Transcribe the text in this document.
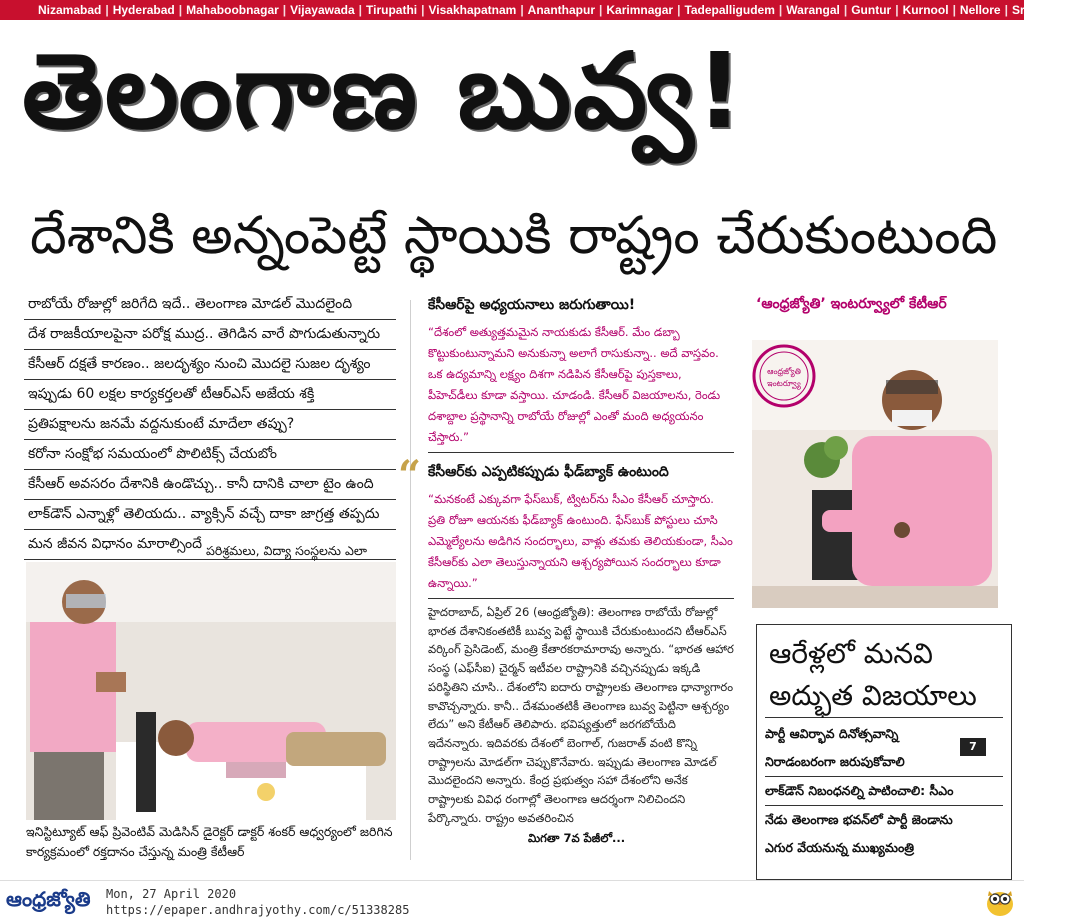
Nizamabad | Hyderabad | Mahaboobnagar | Vijayawada | Tirupathi | Visakhapatnam | Ananthapur | Karimnagar | Tadepalligudem | Warangal | Guntur | Kurnool | Nellore | Srikakulam
తెలంగాణ బువ్వ!
దేశానికి అన్నంపెట్టే స్థాయికి రాష్ట్రం చేరుకుంటుంది
రాబోయే రోజుల్లో జరిగేది ఇదే.. తెలంగాణ మోడల్ మొదలైంది
దేశ రాజకీయాలపైనా పరోక్ష ముద్ర.. తెగిడిన వారే పొగుడుతున్నారు
కేసీఆర్ దక్షతే కారణం.. జలదృశ్యం నుంచి మొదలై సుజల దృశ్యం
ఇప్పుడు 60 లక్షల కార్యకర్తలతో టీఆర్ఎస్ అజేయ శక్తి
ప్రతిపక్షాలను జనమే వద్దనుకుంటే మాదేలా తప్పు?
కరోనా సంక్షోభ సమయంలో పొలిటిక్స్ చేయబోం
కేసీఆర్ అవసరం దేశానికి ఉండొచ్చు.. కానీ దానికి చాలా టైం ఉంది
లాక్‌డౌన్ ఎన్నాళ్లో తెలియదు.. వ్యాక్సిన్ వచ్చే దాకా జాగ్రత్త తప్పదు
మన జీవన విధానం మారాల్సిందే పరిశ్రమలు, విద్యా సంస్థలను ఎలా
ఇనిస్టిట్యూట్ ఆఫ్ ప్రివెంటివ్ మెడిసిన్ డైరెక్టర్ డాక్టర్ శంకర్ ఆధ్వర్యంలో జరిగిన కార్యక్రమంలో రక్తదానం చేస్తున్న మంత్రి కేటీఆర్
“
కేసీఆర్‌పై అధ్యయనాలు జరుగుతాయి!
“దేశంలో అత్యుత్తమమైన నాయకుడు కేసీఆర్. మేం డబ్బా కొట్టుకుంటున్నామని అనుకున్నా అలాగే రాసుకున్నా.. అదే వాస్తవం. ఒక ఉద్యమాన్ని లక్ష్యం దిశగా నడిపిన కేసీఆర్‌పై పుస్తకాలు, పీహెచ్‌డీలు కూడా వస్తాయి. చూడండి. కేసీఆర్ విజయాలను, రెండు దశాబ్దాల ప్రస్థానాన్ని రాబోయే రోజుల్లో ఎంతో మంది అధ్యయనం చేస్తారు.”
కేసీఆర్‌కు ఎప్పటికప్పుడు ఫీడ్‌బ్యాక్ ఉంటుంది
“మనకంటే ఎక్కువగా ఫేస్‌బుక్, ట్విటర్‌ను సీఎం కేసీఆర్ చూస్తారు. ప్రతి రోజూ ఆయనకు ఫీడ్‌బ్యాక్ ఉంటుంది. ఫేస్‌బుక్ పోస్టులు చూసి ఎమ్మెల్యేలను అడిగిన సందర్భాలు, వాళ్లు తమకు తెలియకుండా, సీఎం కేసీఆర్‌కు ఎలా తెలుస్తున్నాయని ఆశ్చర్యపోయిన సందర్భాలు కూడా ఉన్నాయి.”
హైదరాబాద్, ఏప్రిల్ 26 (ఆంధ్రజ్యోతి): తెలంగాణ రాబోయే రోజుల్లో భారత దేశానికంతటికీ బువ్వ పెట్టే స్థాయికి చేరుకుంటుందని టీఆర్ఎస్ వర్కింగ్ ప్రెసిడెంట్, మంత్రి కేతారకరామారావు అన్నారు. “భారత ఆహార సంస్థ (ఎఫ్‌సీఐ) చైర్మన్ ఇటీవల రాష్ట్రానికి వచ్చినప్పుడు ఇక్కడి పరిస్థితిని చూసి.. దేశంలోని ఐదారు రాష్ట్రాలకు తెలంగాణ ధాన్యాగారం కావొచ్చన్నారు. కానీ.. దేశమంతటికీ తెలంగాణ బువ్వ పెట్టినా ఆశ్చర్యం లేదు” అని కేటీఆర్ తెలిపారు. భవిష్యత్తులో జరగబోయేది ఇదేనన్నారు. ఇదివరకు దేశంలో బెంగాల్, గుజరాత్ వంటి కొన్ని రాష్ట్రాలను మోడల్‌గా చెప్పుకొనేవారు. ఇప్పుడు తెలంగాణ మోడల్ మొదలైందని అన్నారు. కేంద్ర ప్రభుత్వం సహా దేశంలోని అనేక రాష్ట్రాలకు వివిధ రంగాల్లో తెలంగాణ ఆదర్శంగా నిలిచిందని పేర్కొన్నారు. రాష్ట్రం అవతరించిన
మిగతా 7వ పేజీలో...
‘ఆంధ్రజ్యోతి’ ఇంటర్వ్యూలో కేటీఆర్
ఆంధ్రజ్యోతి
ఇంటర్వ్యూ
ఆరేళ్లలో మనవి
అద్భుత విజయాలు
పార్టీ ఆవిర్భావ దినోత్సవాన్ని
నిరాడంబరంగా జరుపుకోవాలి
లాక్‌డౌన్ నిబంధనల్ని పాటించాలి: సీఎం
నేడు తెలంగాణ భవన్‌లో పార్టీ జెండాను
ఎగుర వేయనున్న ముఖ్యమంత్రి
7
ఆంధ్రజ్యోతి Mon, 27 April 2020
https://epaper.andhrajyothy.com/c/51338285
